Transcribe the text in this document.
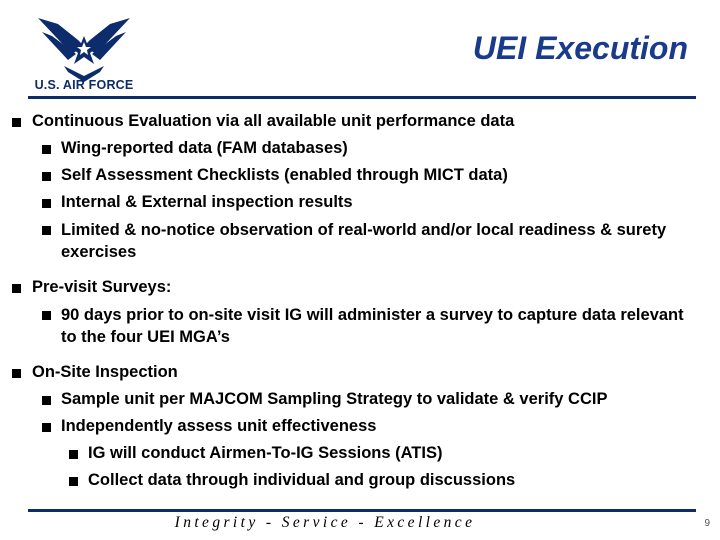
U.S. AIR FORCE
UEI Execution
Continuous Evaluation via all available unit performance data
Wing-reported data (FAM databases)
Self Assessment Checklists (enabled through MICT data)
Internal & External inspection results
Limited & no-notice observation of real-world and/or local readiness & surety exercises
Pre-visit Surveys:
90 days prior to on-site visit IG will administer a survey to capture data relevant to the four UEI MGA’s
On-Site Inspection
Sample unit per MAJCOM Sampling Strategy to validate & verify CCIP
Independently assess unit effectiveness
IG will conduct Airmen-To-IG Sessions (ATIS)
Collect data through individual and group discussions
Integrity - Service - Excellence	9
